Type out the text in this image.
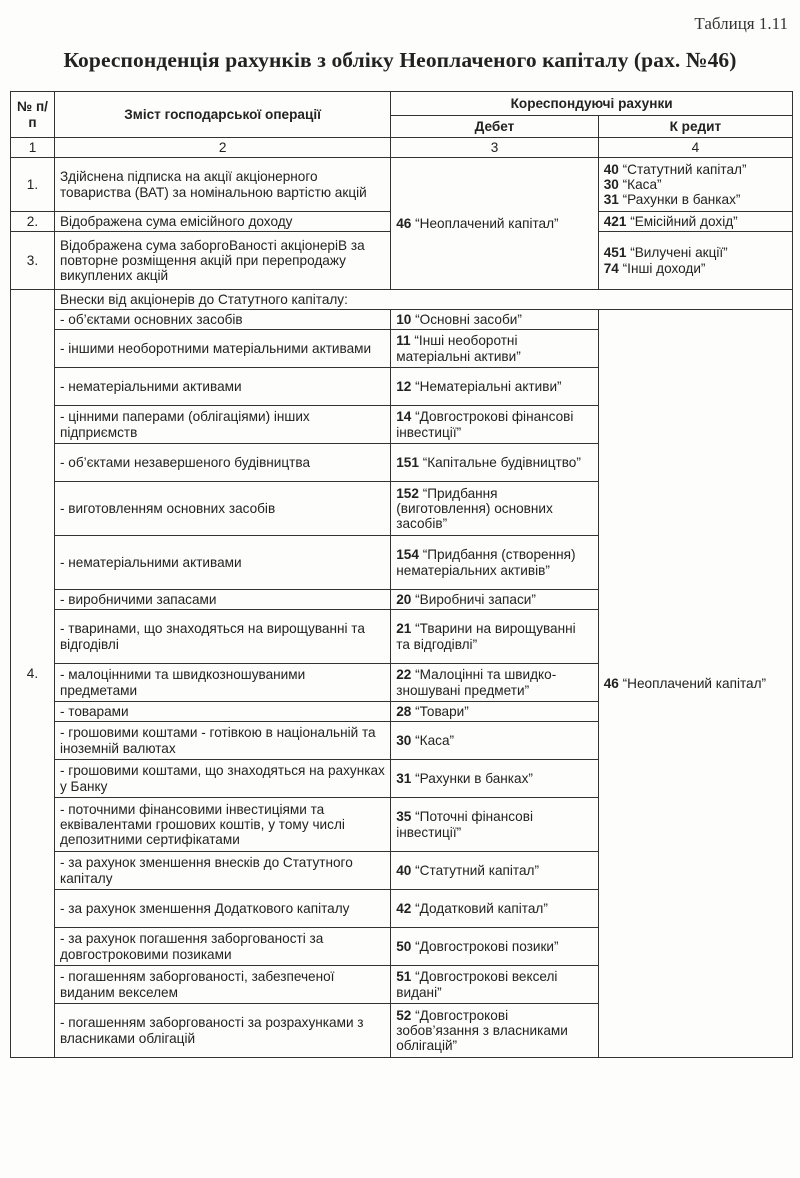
Таблиця 1.11
Кореспонденція рахунків з обліку Неоплаченого капіталу (рах. №46)
№ п/п	Зміст господарської операції	Кореспондуючі рахунки	
		Дебет	К редит
1	2	3	4
1.	Здійснена підписка на акції акціонерного товариства (ВАТ) за номінальною вартістю акцій	46 “Неоплачений капітал”	40 “Статутний капітал”
30 “Каса”
31 “Рахунки в банках”

2.	Відображена сума емісійного доходу		421 “Емісійний дохід”

3.	Відображена сума заборгоВаності акціонерiВ за повторне розміщення акцій при перепродажу викуплених акцій		451 “Вилучені акції”
74 “Інші доходи”

4.	Внески від акціонерів до Статутного капіталу:		
	- об’єктами основних засобів	10 “Основні засоби”	46 “Неоплачений капітал”
	- іншими необоротними матеріальними активами	11 “Інші необоротні матеріальні активи”	
	- нематеріальними активами	12 “Нематеріальні активи”	
	- цінними паперами (облігаціями) інших підприємств	14 “Довгострокові фінансові інвестиції”	
	- об’єктами незавершеного будівництва	151 “Капітальне будівництво”	
	- виготовленням основних засобів	152 “Придбання (виготовлення) основних засобів”	
	- нематеріальними активами	154 “Придбання (створення) нематеріальних активів”	
	- виробничими запасами	20 “Виробничі запаси”	
	- тваринами, що знаходяться на вирощуванні та відгодівлі	21 “Тварини на вирощуванні та відгодівлі”	
	- малоцінними та швидкозношуваними предметами	22 “Малоцінні та швидко-зношувані предмети”	
	- товарами	28 “Товари”	
	- грошовими коштами - готівкою в національній та іноземній валютах	30 “Каса”	
	- грошовими коштами, що знаходяться на рахунках у Банку	31 “Рахунки в банках”	
	- поточними фінансовими інвестиціями та еквівалентами грошових коштів, у тому числі депозитними сертифікатами	35 “Поточні фінансові інвестиції”	
	- за рахунок зменшення внесків до Статутного капіталу	40 “Статутний капітал”	
	- за рахунок зменшення Додаткового капіталу	42 “Додатковий капітал”	
	- за рахунок погашення заборгованості за довгостроковими позиками	50 “Довгострокові позики”	
	- погашенням заборгованості, забезпеченої виданим векселем	51 “Довгострокові векселі видані”	
	- погашенням заборгованості за розрахунками з власниками облігацій	52 “Довгострокові зобов’язання з власниками облігацій”	
